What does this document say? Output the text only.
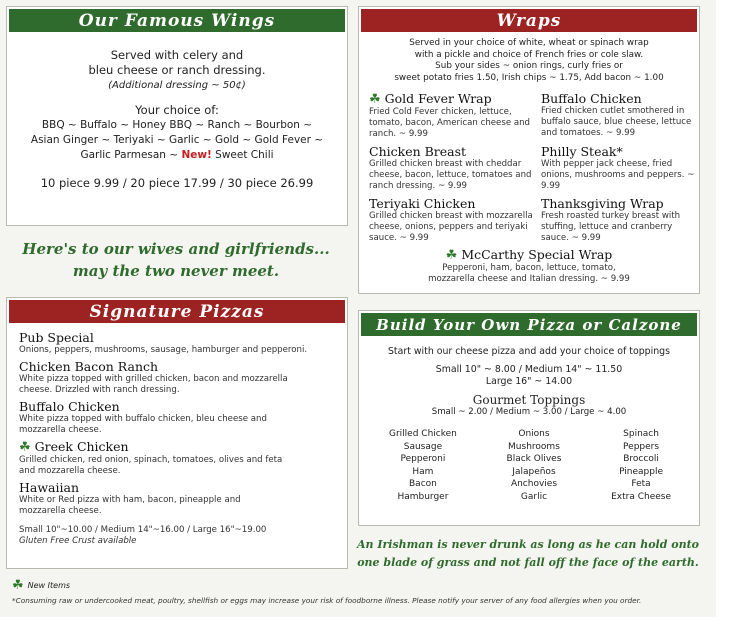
Our Famous Wings
Served with celery and
bleu cheese or ranch dressing.
(Additional dressing ~ 50¢)
Your choice of:
BBQ ~ Buffalo ~ Honey BBQ ~ Ranch ~ Bourbon ~
Asian Ginger ~ Teriyaki ~ Garlic ~ Gold ~ Gold Fever ~
Garlic Parmesan ~ New! Sweet Chili
10 piece 9.99 / 20 piece 17.99 / 30 piece 26.99
Here's to our wives and girlfriends...
may the two never meet.
Signature Pizzas
Pub Special
Onions, peppers, mushrooms, sausage, hamburger and pepperoni.
Chicken Bacon Ranch
White pizza topped with grilled chicken, bacon and mozzarella cheese. Drizzled with ranch dressing.
Buffalo Chicken
White pizza topped with buffalo chicken, bleu cheese and mozzarella cheese.
☘ Greek Chicken
Grilled chicken, red onion, spinach, tomatoes, olives and feta and mozzarella cheese.
Hawaiian
White or Red pizza with ham, bacon, pineapple and mozzarella cheese.
Small 10"~10.00 / Medium 14"~16.00 / Large 16"~19.00
Gluten Free Crust available
Wraps
Served in your choice of white, wheat or spinach wrap
with a pickle and choice of French fries or cole slaw.
Sub your sides ~ onion rings, curly fries or
sweet potato fries 1.50, Irish chips ~ 1.75, Add bacon ~ 1.00
☘ Gold Fever Wrap
Fried Cold Fever chicken, lettuce, tomato, bacon, American cheese and ranch. ~ 9.99
Buffalo Chicken
Fried chicken cutlet smothered in buffalo sauce, blue cheese, lettuce and tomatoes. ~ 9.99
Chicken Breast
Grilled chicken breast with cheddar cheese, bacon, lettuce, tomatoes and ranch dressing. ~ 9.99
Philly Steak*
With pepper jack cheese, fried onions, mushrooms and peppers. ~ 9.99
Teriyaki Chicken
Grilled chicken breast with mozzarella cheese, onions, peppers and teriyaki sauce. ~ 9.99
Thanksgiving Wrap
Fresh roasted turkey breast with stuffing, lettuce and cranberry sauce. ~ 9.99
☘ McCarthy Special Wrap
Pepperoni, ham, bacon, lettuce, tomato,
mozzarella cheese and Italian dressing. ~ 9.99
Build Your Own Pizza or Calzone
Start with our cheese pizza and add your choice of toppings
Small 10" ~ 8.00 / Medium 14" ~ 11.50
Large 16" ~ 14.00
Gourmet Toppings
Small ~ 2.00 / Medium ~ 3.00 / Large ~ 4.00
Grilled Chicken
Sausage
Pepperoni
Ham
Bacon
Hamburger
Onions
Mushrooms
Black Olives
Jalapeños
Anchovies
Garlic
Spinach
Peppers
Broccoli
Pineapple
Feta
Extra Cheese
An Irishman is never drunk as long as he can hold onto
one blade of grass and not fall off the face of the earth.
☘ New Items
*Consuming raw or undercooked meat, poultry, shellfish or eggs may increase your risk of foodborne illness. Please notify your server of any food allergies when you order.
